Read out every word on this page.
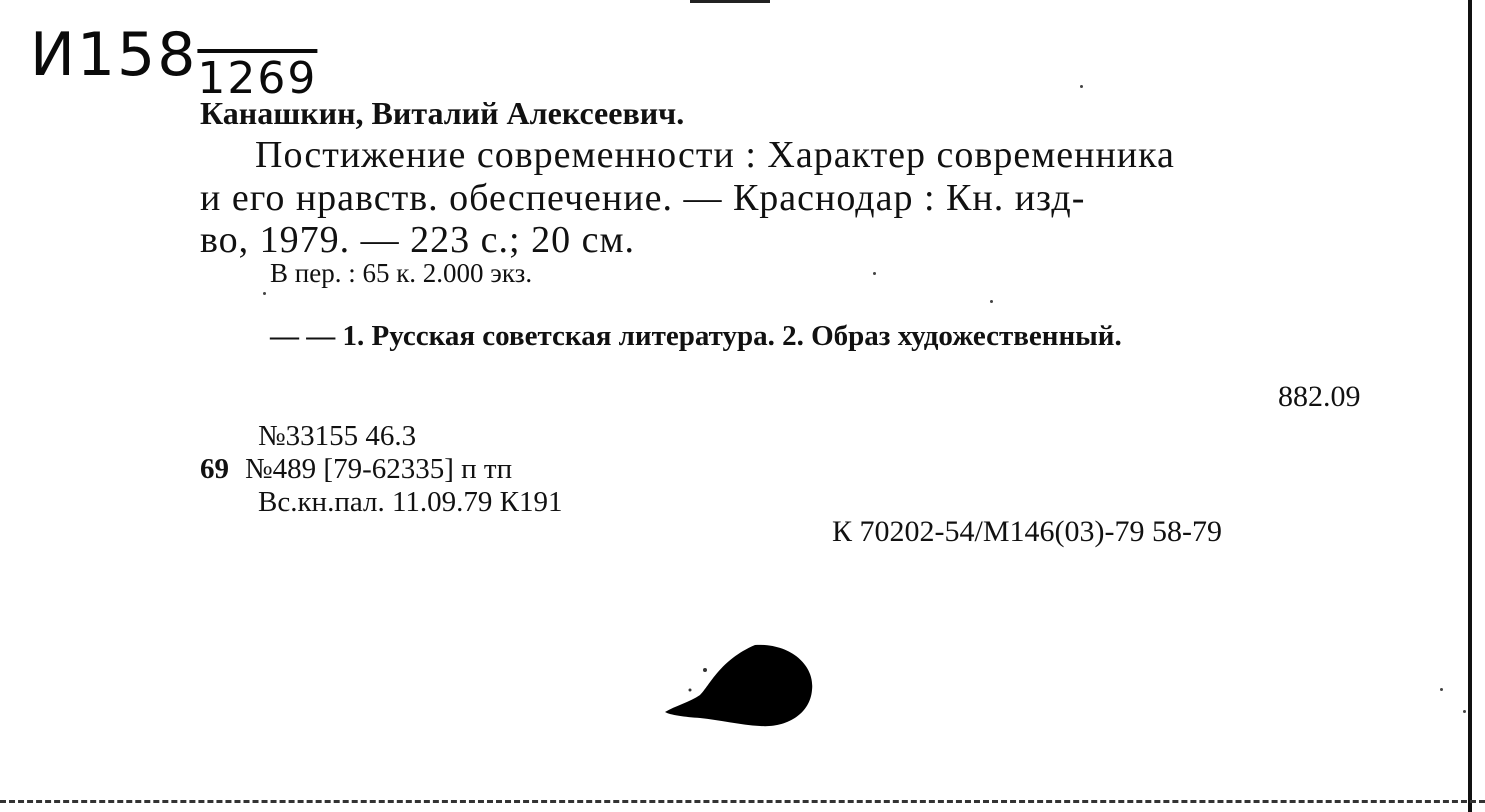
И1581269
Канашкин, Виталий Алексеевич.
Постижение современности : Характер современника
и его нравств. обеспечение. — Краснодар : Кн. изд-
во, 1979. — 223 с.; 20 см.
В пер. : 65 к. 2.000 экз.
— — 1. Русская советская литература. 2. Образ художественный.
882.09
№33155 46.3
69 №489 [79-62335] п тп
Вс.кн.пал. 11.09.79 К191
К 70202-54/М146(03)-79 58-79
